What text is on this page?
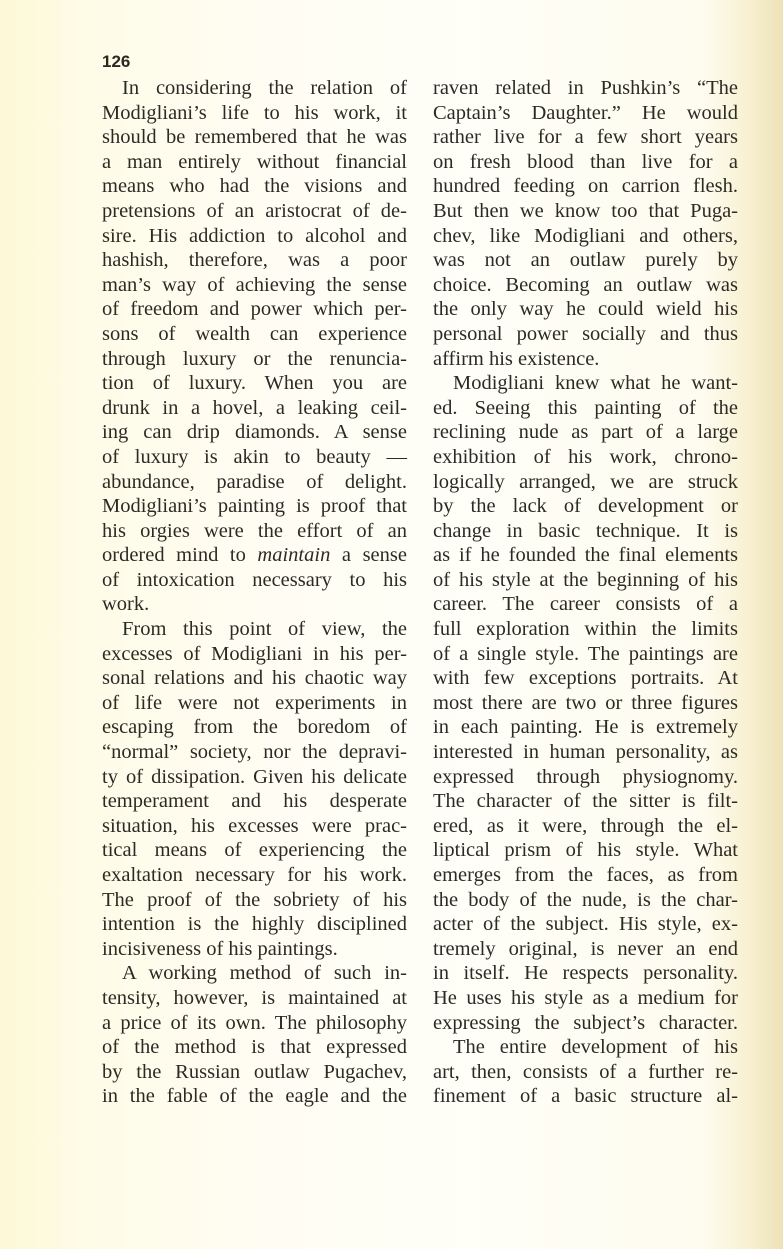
126
In considering the relation of
Modigliani’s life to his work, it
should be remembered that he was
a man entirely without financial
means who had the visions and
pretensions of an aristocrat of de-
sire. His addiction to alcohol and
hashish, therefore, was a poor
man’s way of achieving the sense
of freedom and power which per-
sons of wealth can experience
through luxury or the renuncia-
tion of luxury. When you are
drunk in a hovel, a leaking ceil-
ing can drip diamonds. A sense
of luxury is akin to beauty —
abundance, paradise of delight.
Modigliani’s painting is proof that
his orgies were the effort of an
ordered mind to maintain a sense
of intoxication necessary to his
work.
From this point of view, the
excesses of Modigliani in his per-
sonal relations and his chaotic way
of life were not experiments in
escaping from the boredom of
“normal” society, nor the depravi-
ty of dissipation. Given his delicate
temperament and his desperate
situation, his excesses were prac-
tical means of experiencing the
exaltation necessary for his work.
The proof of the sobriety of his
intention is the highly disciplined
incisiveness of his paintings.
A working method of such in-
tensity, however, is maintained at
a price of its own. The philosophy
of the method is that expressed
by the Russian outlaw Pugachev,
in the fable of the eagle and the
raven related in Pushkin’s “The
Captain’s Daughter.” He would
rather live for a few short years
on fresh blood than live for a
hundred feeding on carrion flesh.
But then we know too that Puga-
chev, like Modigliani and others,
was not an outlaw purely by
choice. Becoming an outlaw was
the only way he could wield his
personal power socially and thus
affirm his existence.
Modigliani knew what he want-
ed. Seeing this painting of the
reclining nude as part of a large
exhibition of his work, chrono-
logically arranged, we are struck
by the lack of development or
change in basic technique. It is
as if he founded the final elements
of his style at the beginning of his
career. The career consists of a
full exploration within the limits
of a single style. The paintings are
with few exceptions portraits. At
most there are two or three figures
in each painting. He is extremely
interested in human personality, as
expressed through physiognomy.
The character of the sitter is filt-
ered, as it were, through the el-
liptical prism of his style. What
emerges from the faces, as from
the body of the nude, is the char-
acter of the subject. His style, ex-
tremely original, is never an end
in itself. He respects personality.
He uses his style as a medium for
expressing the subject’s character.
The entire development of his
art, then, consists of a further re-
finement of a basic structure al-
